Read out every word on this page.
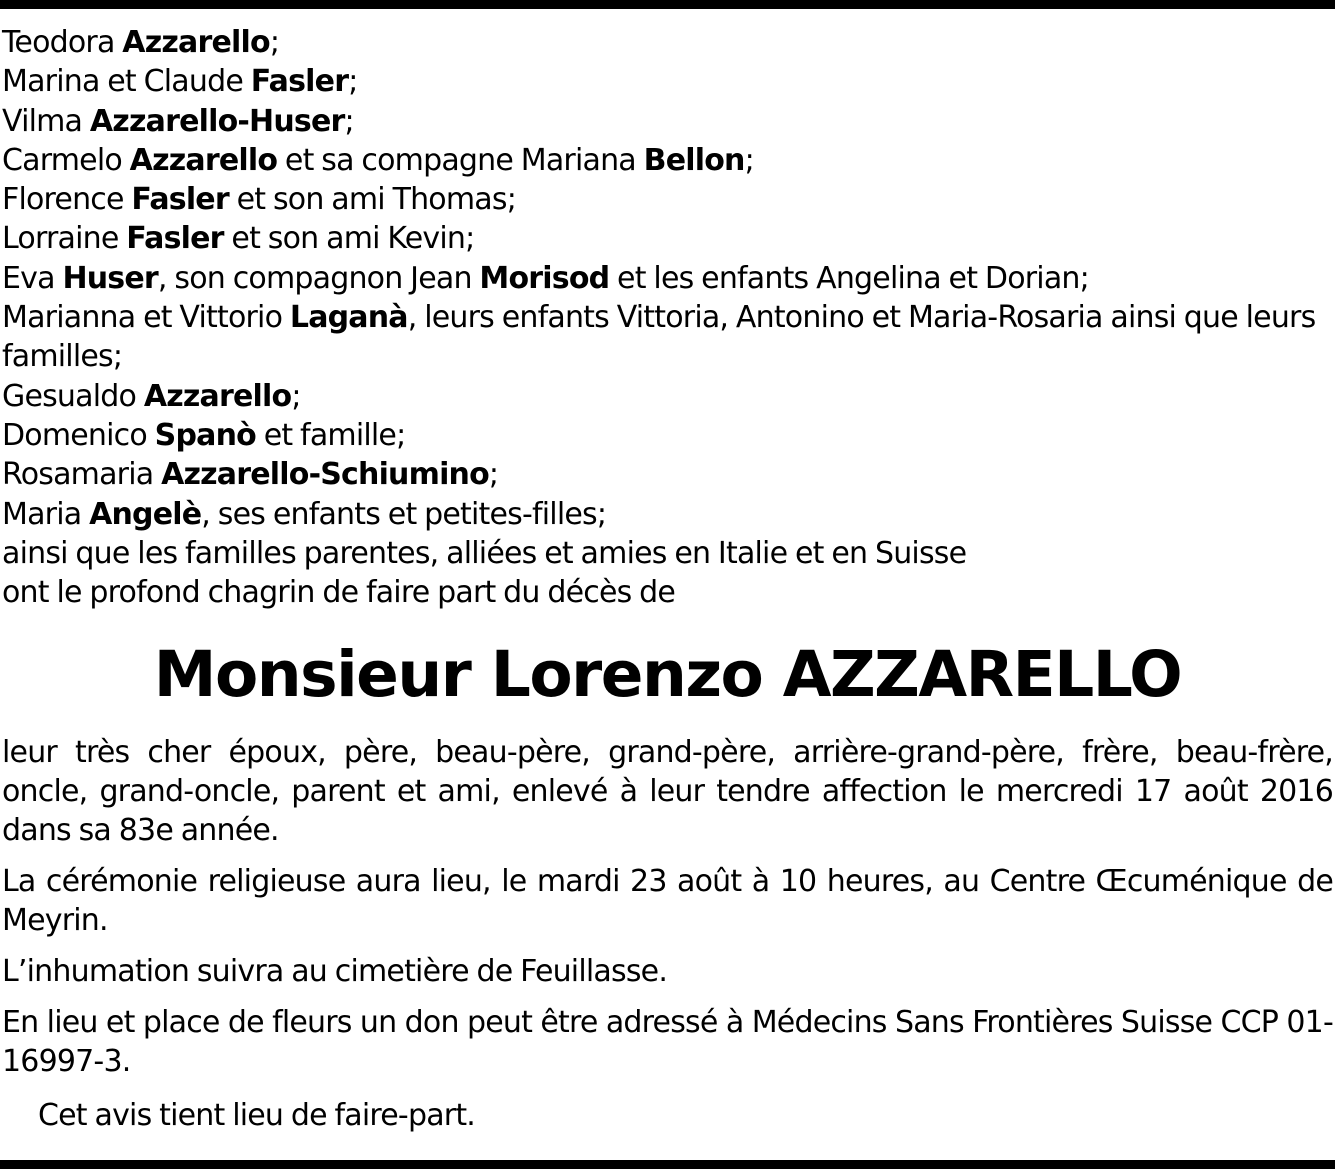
Teodora Azzarello;
Marina et Claude Fasler;
Vilma Azzarello-Huser;
Carmelo Azzarello et sa compagne Mariana Bellon;
Florence Fasler et son ami Thomas;
Lorraine Fasler et son ami Kevin;
Eva Huser, son compagnon Jean Morisod et les enfants Angelina et Dorian;
Marianna et Vittorio Laganà, leurs enfants Vittoria, Antonino et Maria-Rosaria ainsi que leurs familles;
Gesualdo Azzarello;
Domenico Spanò et famille;
Rosamaria Azzarello-Schiumino;
Maria Angelè, ses enfants et petites-filles;
ainsi que les familles parentes, alliées et amies en Italie et en Suisse
ont le profond chagrin de faire part du décès de
Monsieur Lorenzo AZZARELLO

leur très cher époux, père, beau-père, grand-père, arrière-grand-père, frère, beau-frère, oncle, grand-oncle, parent et ami, enlevé à leur tendre affection le mercredi 17 août 2016 dans sa 83e année.

La cérémonie religieuse aura lieu, le mardi 23 août à 10 heures, au Centre Œcuménique de Meyrin.

L’inhumation suivra au cimetière de Feuillasse.

En lieu et place de fleurs un don peut être adressé à Médecins Sans Frontières Suisse CCP 01-16997-3.

Cet avis tient lieu de faire-part.
